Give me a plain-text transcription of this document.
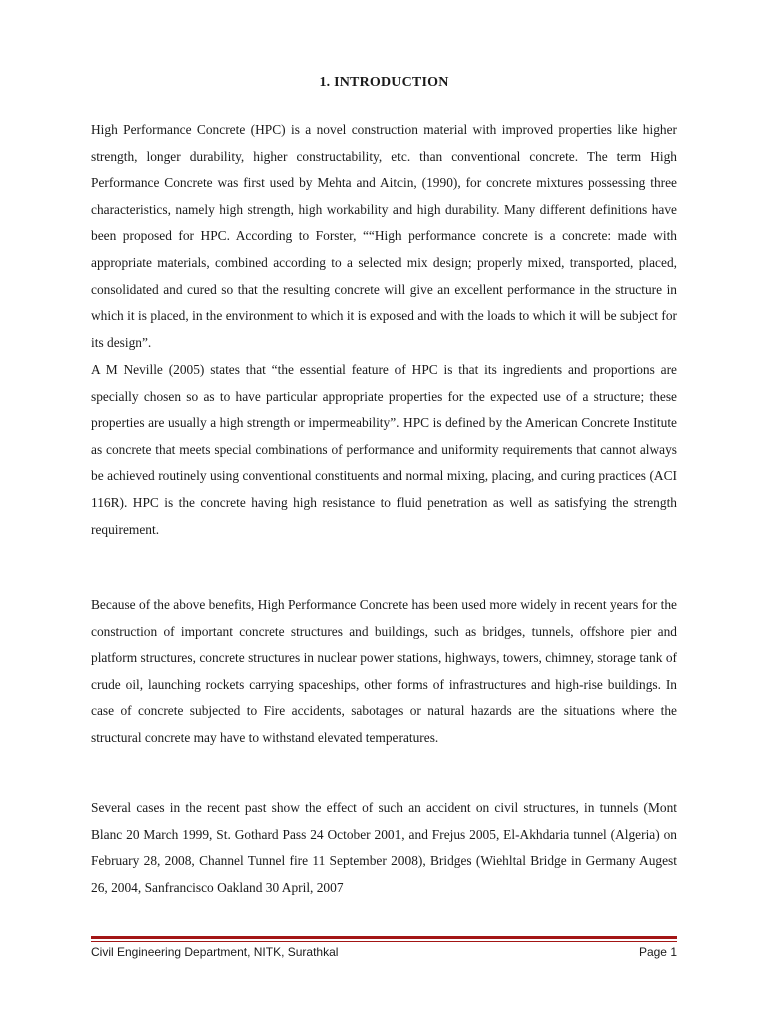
1. INTRODUCTION

High Performance Concrete (HPC) is a novel construction material with improved properties like higher strength, longer durability, higher constructability, etc. than conventional concrete. The term High Performance Concrete was first used by Mehta and Aitcin, (1990), for concrete mixtures possessing three characteristics, namely high strength, high workability and high durability. Many different definitions have been proposed for HPC. According to Forster, ““High performance concrete is a concrete: made with appropriate materials, combined according to a selected mix design; properly mixed, transported, placed, consolidated and cured so that the resulting concrete will give an excellent performance in the structure in which it is placed, in the environment to which it is exposed and with the loads to which it will be subject for its design”.

A M Neville (2005) states that “the essential feature of HPC is that its ingredients and proportions are specially chosen so as to have particular appropriate properties for the expected use of a structure; these properties are usually a high strength or impermeability”. HPC is defined by the American Concrete Institute as concrete that meets special combinations of performance and uniformity requirements that cannot always be achieved routinely using conventional constituents and normal mixing, placing, and curing practices (ACI 116R). HPC is the concrete having high resistance to fluid penetration as well as satisfying the strength requirement.

Because of the above benefits, High Performance Concrete has been used more widely in recent years for the construction of important concrete structures and buildings, such as bridges, tunnels, offshore pier and platform structures, concrete structures in nuclear power stations, highways, towers, chimney, storage tank of crude oil, launching rockets carrying spaceships, other forms of infrastructures and high-rise buildings. In case of concrete subjected to Fire accidents, sabotages or natural hazards are the situations where the structural concrete may have to withstand elevated temperatures.

Several cases in the recent past show the effect of such an accident on civil structures, in tunnels (Mont Blanc 20 March 1999, St. Gothard Pass 24 October 2001, and Frejus 2005, El-Akhdaria tunnel (Algeria) on February 28, 2008, Channel Tunnel fire 11 September 2008), Bridges (Wiehltal Bridge in Germany Augest 26, 2004, Sanfrancisco Oakland 30 April, 2007

Civil Engineering Department, NITK, Surathkal	Page 1
